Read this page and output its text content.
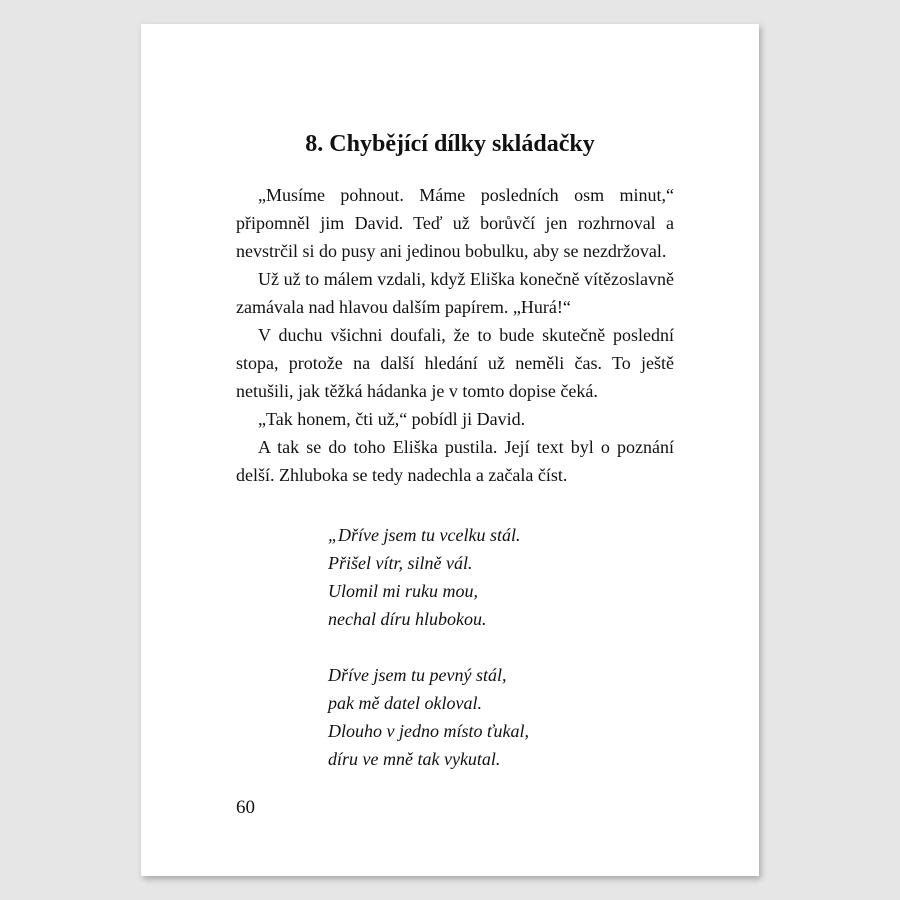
8. Chybějící dílky skládačky

„Musíme pohnout. Máme posledních osm minut,“ připomněl jim David. Teď už borůvčí jen rozhrnoval a nevstrčil si do pusy ani jedinou bobulku, aby se nezdržoval.

Už už to málem vzdali, když Eliška konečně vítězoslavně zamávala nad hlavou dalším papírem. „Hurá!“

V duchu všichni doufali, že to bude skutečně poslední stopa, protože na další hledání už neměli čas. To ještě netušili, jak těžká hádanka je v tomto dopise čeká.

„Tak honem, čti už,“ pobídl ji David.

A tak se do toho Eliška pustila. Její text byl o poznání delší. Zhluboka se tedy nadechla a začala číst.

„Dříve jsem tu vcelku stál.
Přišel vítr, silně vál.
Ulomil mi ruku mou,
nechal díru hlubokou.
Dříve jsem tu pevný stál,
pak mě datel okloval.
Dlouho v jedno místo ťukal,
díru ve mně tak vykutal.
60
